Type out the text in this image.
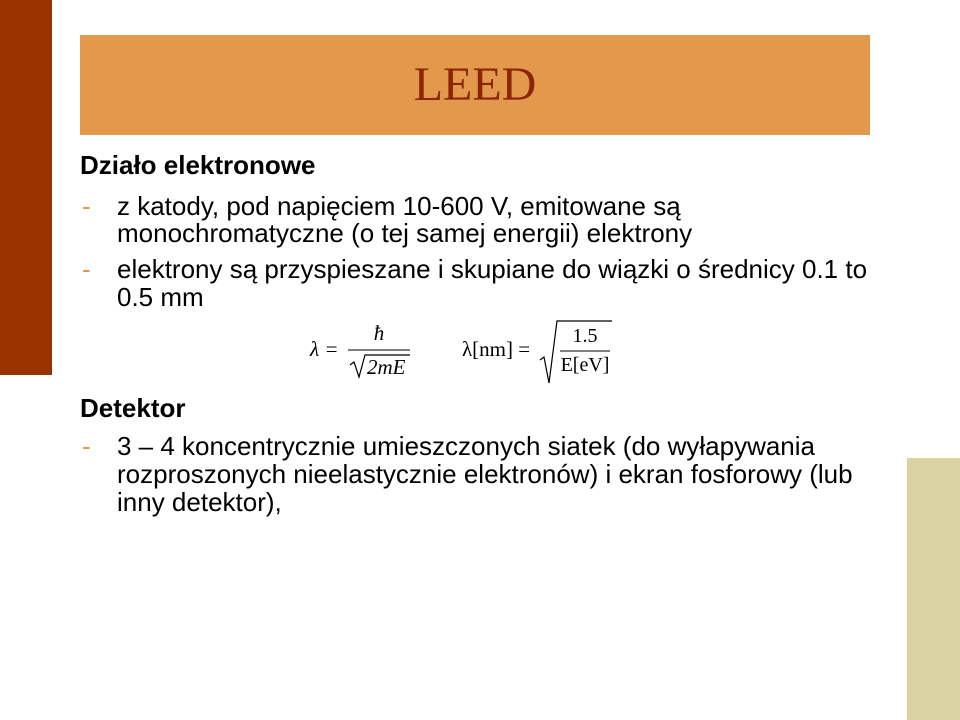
LEED
Działo elektronowe
- z katody, pod napięciem 10-600 V, emitowane są
monochromatyczne (o tej samej energii) elektrony
- elektrony są przyspieszane i skupiane do wiązki o średnicy 0.1 to
0.5 mm
λ =
ħ
2mE
λ[nm] =
1.5
E[eV]
Detektor
- 3 – 4 koncentrycznie umieszczonych siatek (do wyłapywania
rozproszonych nieelastycznie elektronów) i ekran fosforowy (lub
inny detektor),
